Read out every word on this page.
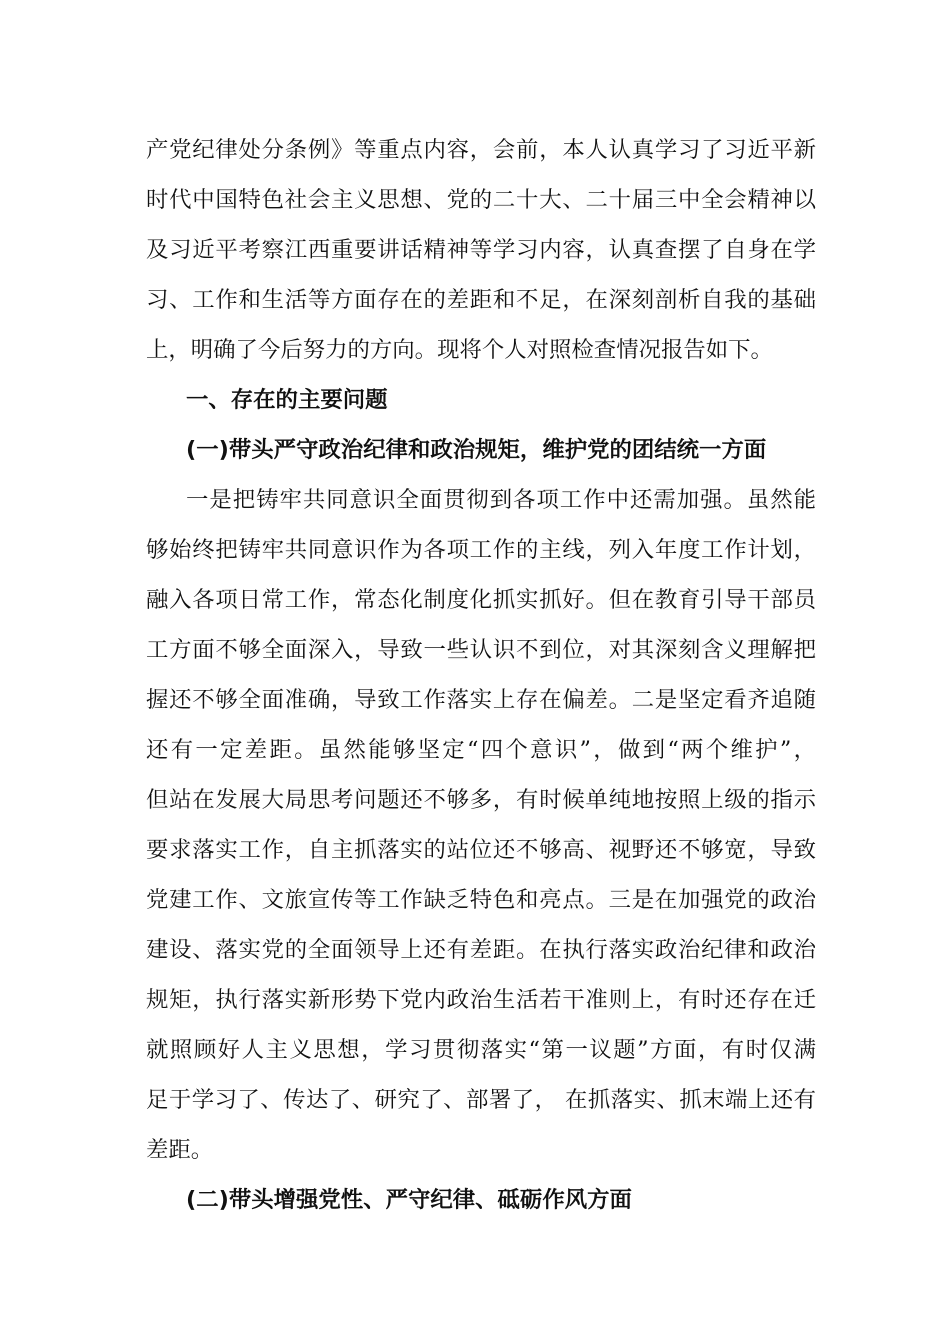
产党纪律处分条例》等重点内容，会前，本人认真学习了习近平新
时代中国特色社会主义思想、党的二十大、二十届三中全会精神以
及习近平考察江西重要讲话精神等学习内容，认真查摆了自身在学
习、工作和生活等方面存在的差距和不足，在深刻剖析自我的基础
上，明确了今后努力的方向。现将个人对照检查情况报告如下。
一、存在的主要问题
(一)带头严守政治纪律和政治规矩，维护党的团结统一方面
一是把铸牢共同意识全面贯彻到各项工作中还需加强。虽然能
够始终把铸牢共同意识作为各项工作的主线，列入年度工作计划，
融入各项日常工作，常态化制度化抓实抓好。但在教育引导干部员
工方面不够全面深入，导致一些认识不到位，对其深刻含义理解把
握还不够全面准确，导致工作落实上存在偏差。二是坚定看齐追随
还有一定差距。虽然能够坚定“四个意识”，做到“两个维护”，
但站在发展大局思考问题还不够多，有时候单纯地按照上级的指示
要求落实工作，自主抓落实的站位还不够高、视野还不够宽，导致
党建工作、文旅宣传等工作缺乏特色和亮点。三是在加强党的政治
建设、落实党的全面领导上还有差距。在执行落实政治纪律和政治
规矩，执行落实新形势下党内政治生活若干准则上，有时还存在迁
就照顾好人主义思想，学习贯彻落实“第一议题”方面，有时仅满
足于学习了、传达了、研究了、部署了， 在抓落实、抓末端上还有
差距。
(二)带头增强党性、严守纪律、砥砺作风方面
